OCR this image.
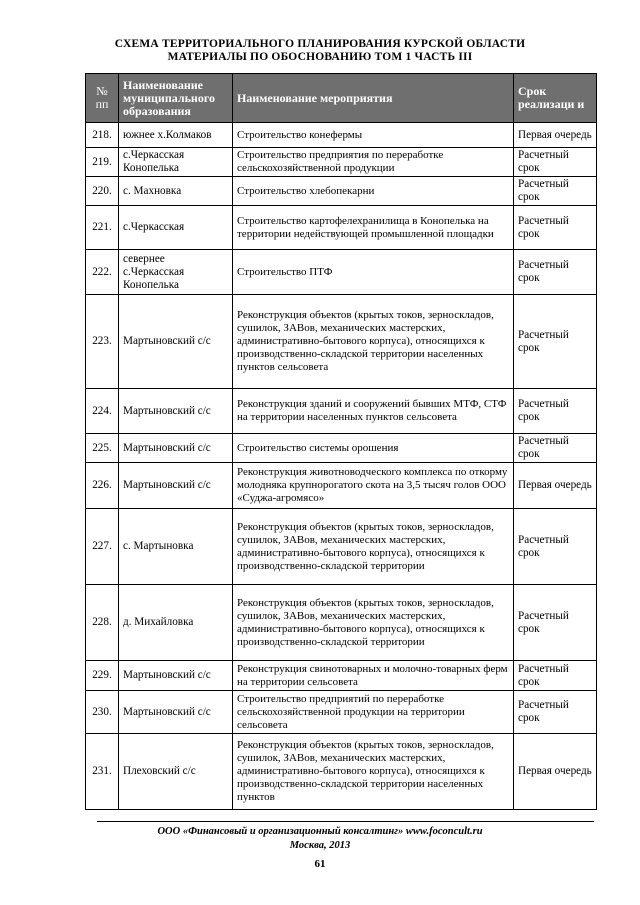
СХЕМА ТЕРРИТОРИАЛЬНОГО ПЛАНИРОВАНИЯ КУРСКОЙ ОБЛАСТИ
МАТЕРИАЛЫ ПО ОБОСНОВАНИЮ ТОМ 1 ЧАСТЬ III
№ пп	Наименование муниципального образования	Наименование мероприятия	Срок реализаци и
218.	южнее х.Колмаков	Строительство конефермы	Первая очередь
219.	с.Черкасская Конопелька	Строительство предприятия по переработке сельскохозяйственной продукции	Расчетный срок
220.	с. Махновка	Строительство хлебопекарни	Расчетный срок
221.	с.Черкасская	Строительство картофелехранилища в Конопелька на территории недействующей промышленной площадки	Расчетный срок
222.	севернее с.Черкасская Конопелька	Строительство ПТФ	Расчетный срок
223.	Мартыновский с/с	Реконструкция объектов (крытых токов, зерноскладов, сушилок, ЗАВов, механических мастерских, административно-бытового корпуса), относящихся к производственно-складской территории населенных пунктов сельсовета	Расчетный срок
224.	Мартыновский с/с	Реконструкция зданий и сооружений бывших МТФ, СТФ на территории населенных пунктов сельсовета	Расчетный срок
225.	Мартыновский с/с	Строительство системы орошения	Расчетный срок
226.	Мартыновский с/с	Реконструкция животноводческого комплекса по откорму молодняка крупнорогатого скота на 3,5 тысяч голов ООО «Суджа-агромясо»	Первая очередь
227.	с. Мартыновка	Реконструкция объектов (крытых токов, зерноскладов, сушилок, ЗАВов, механических мастерских, административно-бытового корпуса), относящихся к производственно-складской территории	Расчетный срок
228.	д. Михайловка	Реконструкция объектов (крытых токов, зерноскладов, сушилок, ЗАВов, механических мастерских, административно-бытового корпуса), относящихся к производственно-складской территории	Расчетный срок
229.	Мартыновский с/с	Реконструкция свинотоварных и молочно-товарных ферм на территории сельсовета	Расчетный срок
230.	Мартыновский с/с	Строительство предприятий по переработке сельскохозяйственной продукции на территории сельсовета	Расчетный срок
231.	Плеховский с/с	Реконструкция объектов (крытых токов, зерноскладов, сушилок, ЗАВов, механических мастерских, административно-бытового корпуса), относящихся к производственно-складской территории населенных пунктов	Первая очередь
ООО «Финансовый и организационный консалтинг» www.foconcult.ru
Москва, 2013
61
